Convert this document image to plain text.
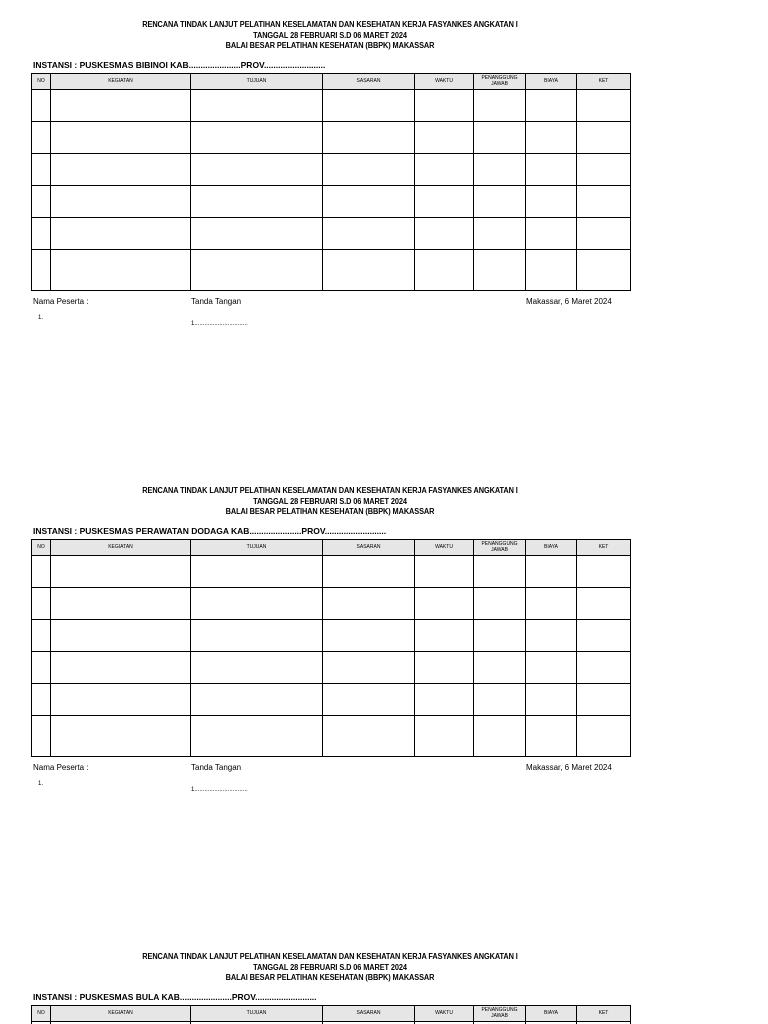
RENCANA TINDAK LANJUT PELATIHAN KESELAMATAN DAN KESEHATAN KERJA FASYANKES ANGKATAN I
TANGGAL 28 FEBRUARI S.D 06 MARET 2024
BALAI BESAR PELATIHAN KESEHATAN (BBPK) MAKASSAR
INSTANSI : PUSKESMAS BIBINOI KAB......................PROV..........................
NO	KEGIATAN	TUJUAN	SASARAN	WAKTU	PENANGGUNG JAWAB	BIAYA	KET

Nama Peserta :	Tanda Tangan	Makassar, 6 Maret 2024
1.
1................................
RENCANA TINDAK LANJUT PELATIHAN KESELAMATAN DAN KESEHATAN KERJA FASYANKES ANGKATAN I
TANGGAL 28 FEBRUARI S.D 06 MARET 2024
BALAI BESAR PELATIHAN KESEHATAN (BBPK) MAKASSAR
INSTANSI : PUSKESMAS PERAWATAN DODAGA KAB......................PROV..........................
NO	KEGIATAN	TUJUAN	SASARAN	WAKTU	PENANGGUNG JAWAB	BIAYA	KET

Nama Peserta :	Tanda Tangan	Makassar, 6 Maret 2024
1.
1................................
RENCANA TINDAK LANJUT PELATIHAN KESELAMATAN DAN KESEHATAN KERJA FASYANKES ANGKATAN I
TANGGAL 28 FEBRUARI S.D 06 MARET 2024
BALAI BESAR PELATIHAN KESEHATAN (BBPK) MAKASSAR
INSTANSI : PUSKESMAS BULA KAB......................PROV..........................
NO	KEGIATAN	TUJUAN	SASARAN	WAKTU	PENANGGUNG JAWAB	BIAYA	KET
